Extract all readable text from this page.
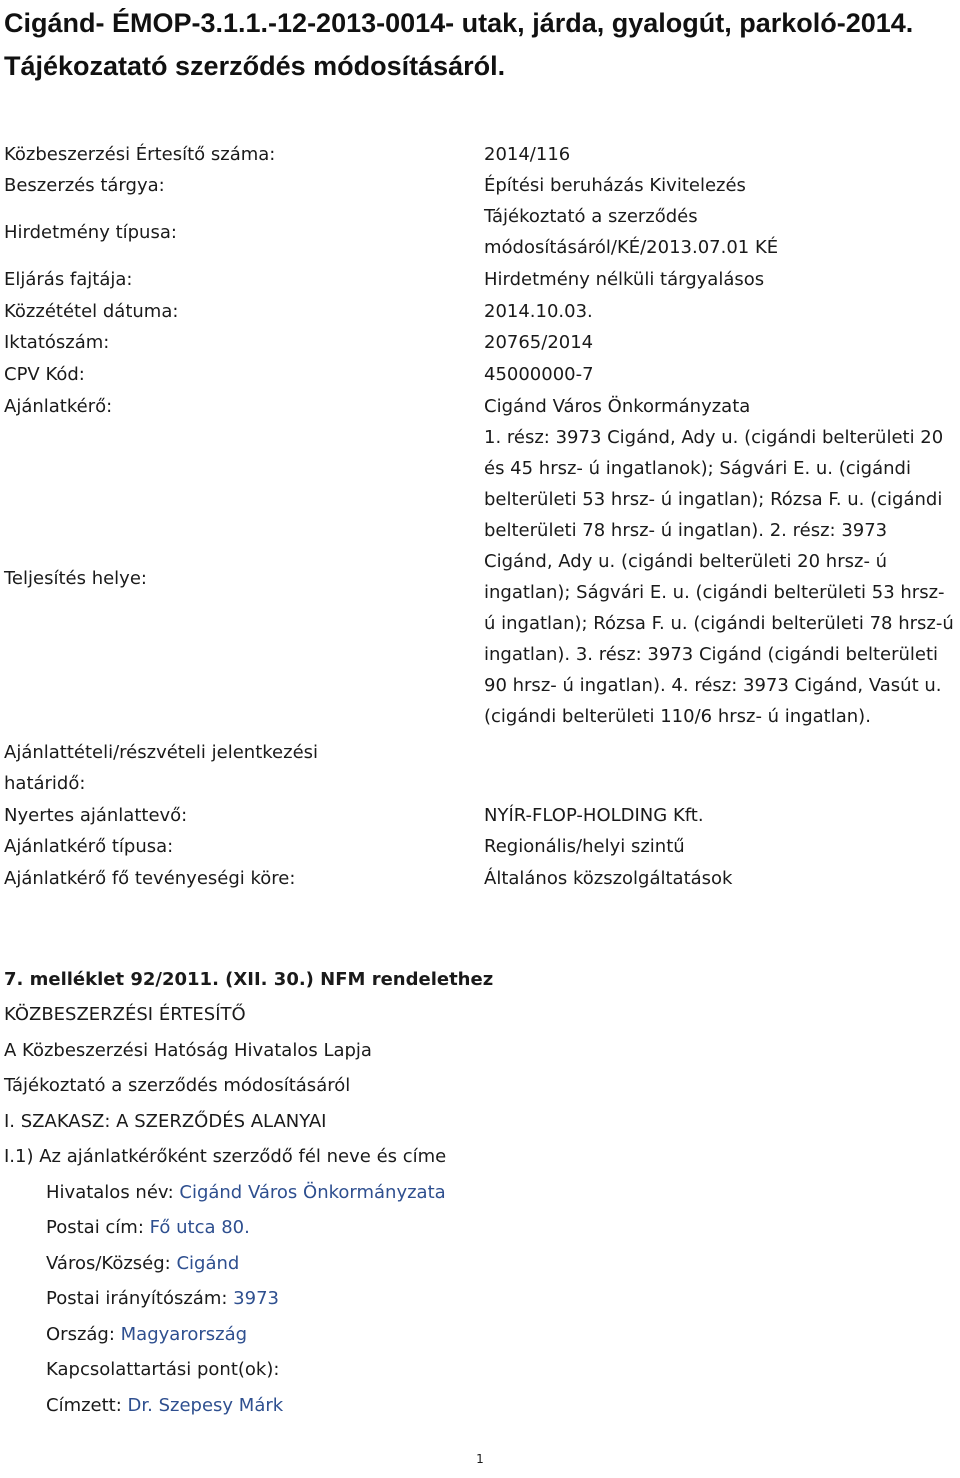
Cigánd- ÉMOP-3.1.1.-12-2013-0014- utak, járda, gyalogút, parkoló-2014. Tájékozatató szerződés módosításáról.
Közbeszerzési Értesítő száma:	2014/116
Beszerzés tárgya:	Építési beruházás Kivitelezés
Hirdetmény típusa:
Tájékoztató a szerződés módosításáról/KÉ/2013.07.01 KÉ
Eljárás fajtája:	Hirdetmény nélküli tárgyalásos
Közzététel dátuma:	2014.10.03.
Iktatószám:	20765/2014
CPV Kód:	45000000-7
Ajánlatkérő:	Cigánd Város Önkormányzata
Teljesítés helye:
1. rész: 3973 Cigánd, Ady u. (cigándi belterületi 20 és 45 hrsz- ú ingatlanok); Ságvári E. u. (cigándi belterületi 53 hrsz- ú ingatlan); Rózsa F. u. (cigándi belterületi 78 hrsz- ú ingatlan). 2. rész: 3973 Cigánd, Ady u. (cigándi belterületi 20 hrsz- ú ingatlan); Ságvári E. u. (cigándi belterületi 53 hrsz-ú ingatlan); Rózsa F. u. (cigándi belterületi 78 hrsz-ú ingatlan). 3. rész: 3973 Cigánd (cigándi belterületi 90 hrsz- ú ingatlan). 4. rész: 3973 Cigánd, Vasút u. (cigándi belterületi 110/6 hrsz- ú ingatlan).
Ajánlattételi/részvételi jelentkezési határidő:
Nyertes ajánlattevő:	NYÍR-FLOP-HOLDING Kft.
Ajánlatkérő típusa:	Regionális/helyi szintű
Ajánlatkérő fő tevényeségi köre:	Általános közszolgáltatások
7. melléklet 92/2011. (XII. 30.) NFM rendelethez
KÖZBESZERZÉSI ÉRTESÍTŐ
A Közbeszerzési Hatóság Hivatalos Lapja
Tájékoztató a szerződés módosításáról
I. SZAKASZ: A SZERZŐDÉS ALANYAI
I.1) Az ajánlatkérőként szerződő fél neve és címe
Hivatalos név: Cigánd Város Önkormányzata
Postai cím: Fő utca 80.
Város/Község: Cigánd
Postai irányítószám: 3973
Ország: Magyarország
Kapcsolattartási pont(ok):
Címzett: Dr. Szepesy Márk
1
